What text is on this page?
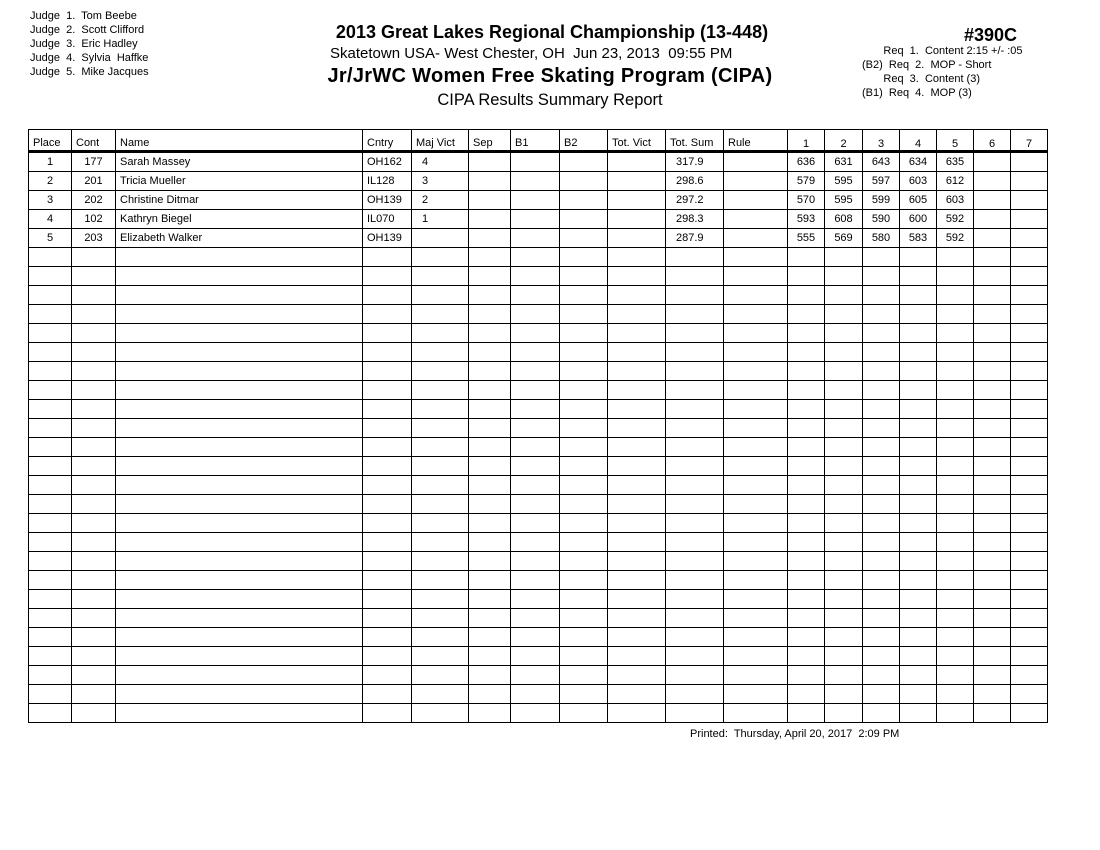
Judge  1.  Tom Beebe
Judge  2.  Scott Clifford
Judge  3.  Eric Hadley
Judge  4.  Sylvia  Haffke
Judge  5.  Mike Jacques
2013 Great Lakes Regional Championship (13-448)
Skatetown USA- West Chester, OH  Jun 23, 2013  09:55 PM
Jr/JrWC Women Free Skating Program (CIPA)
CIPA Results Summary Report
#390C
Req  1.  Content 2:15 +/- :05
(B2)  Req  2.  MOP - Short
Req  3.  Content (3)
(B1)  Req  4.  MOP (3)
Place	Cont	Name	Cntry	Maj Vict	Sep	B1	B2	Tot. Vict	Tot. Sum	Rule	1	2	3	4	5	6	7
1	177	Sarah Massey	OH162	4					317.9		636	631	643	634	635		
2	201	Tricia Mueller	IL128	3					298.6		579	595	597	603	612		
3	202	Christine Ditmar	OH139	2					297.2		570	595	599	605	603		
4	102	Kathryn Biegel	IL070	1					298.3		593	608	590	600	592		
5	203	Elizabeth Walker	OH139						287.9		555	569	580	583	592		

Printed:  Thursday, April 20, 2017  2:09 PM
